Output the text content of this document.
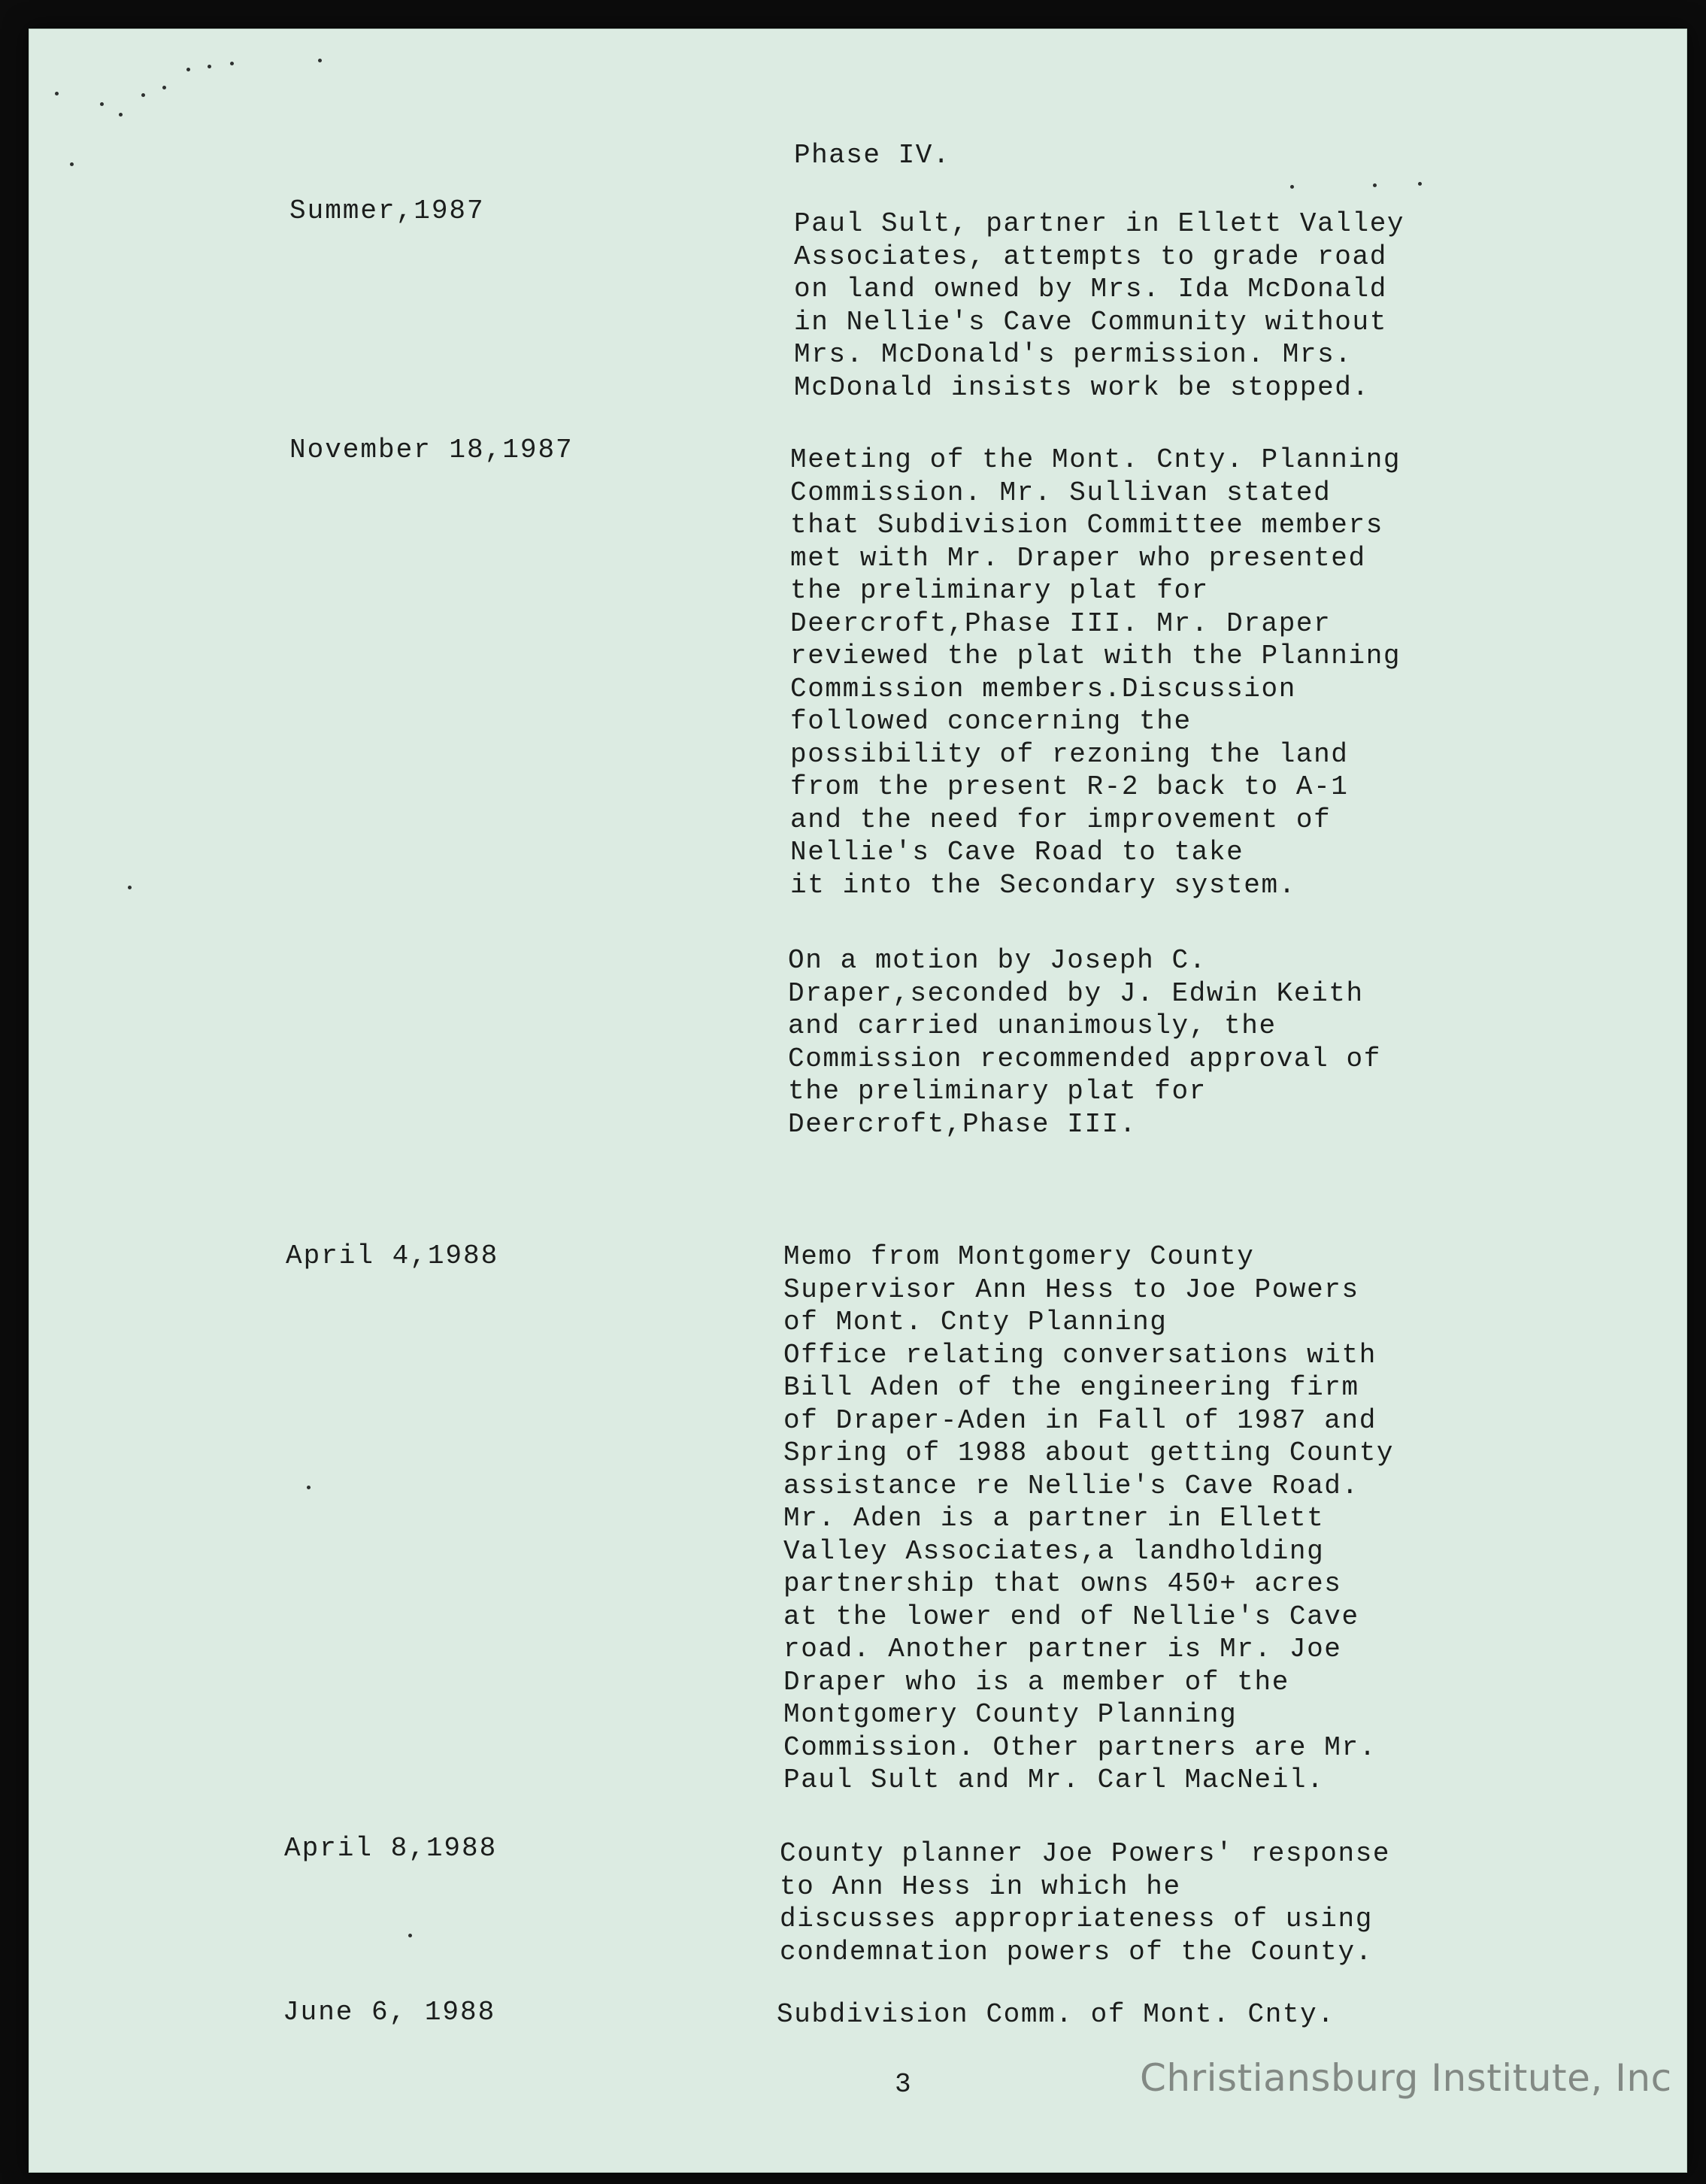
Phase IV.

Summer,1987	Paul Sult, partner in Ellett Valley
Associates, attempts to grade road
on land owned by Mrs. Ida McDonald
in Nellie's Cave Community without
Mrs. McDonald's permission. Mrs.
McDonald insists work be stopped.

November 18,1987	Meeting of the Mont. Cnty. Planning
Commission. Mr. Sullivan stated
that Subdivision Committee members
met with Mr. Draper who presented
the preliminary plat for
Deercroft,Phase III. Mr. Draper
reviewed the plat with the Planning
Commission members.Discussion
followed concerning the
possibility of rezoning the land
from the present R-2 back to A-1
and the need for improvement of
Nellie's Cave Road to take
it into the Secondary system.

On a motion by Joseph C.
Draper,seconded by J. Edwin Keith
and carried unanimously, the
Commission recommended approval of
the preliminary plat for
Deercroft,Phase III.

April 4,1988	Memo from Montgomery County
Supervisor Ann Hess to Joe Powers
of Mont. Cnty Planning
Office relating conversations with
Bill Aden of the engineering firm
of Draper-Aden in Fall of 1987 and
Spring of 1988 about getting County
assistance re Nellie's Cave Road.
Mr. Aden is a partner in Ellett
Valley Associates,a landholding
partnership that owns 450+ acres
at the lower end of Nellie's Cave
road. Another partner is Mr. Joe
Draper who is a member of the
Montgomery County Planning
Commission. Other partners are Mr.
Paul Sult and Mr. Carl MacNeil.

April 8,1988	County planner Joe Powers' response
to Ann Hess in which he
discusses appropriateness of using
condemnation powers of the County.

June 6, 1988	Subdivision Comm. of Mont. Cnty.

3	Christiansburg Institute, Inc
